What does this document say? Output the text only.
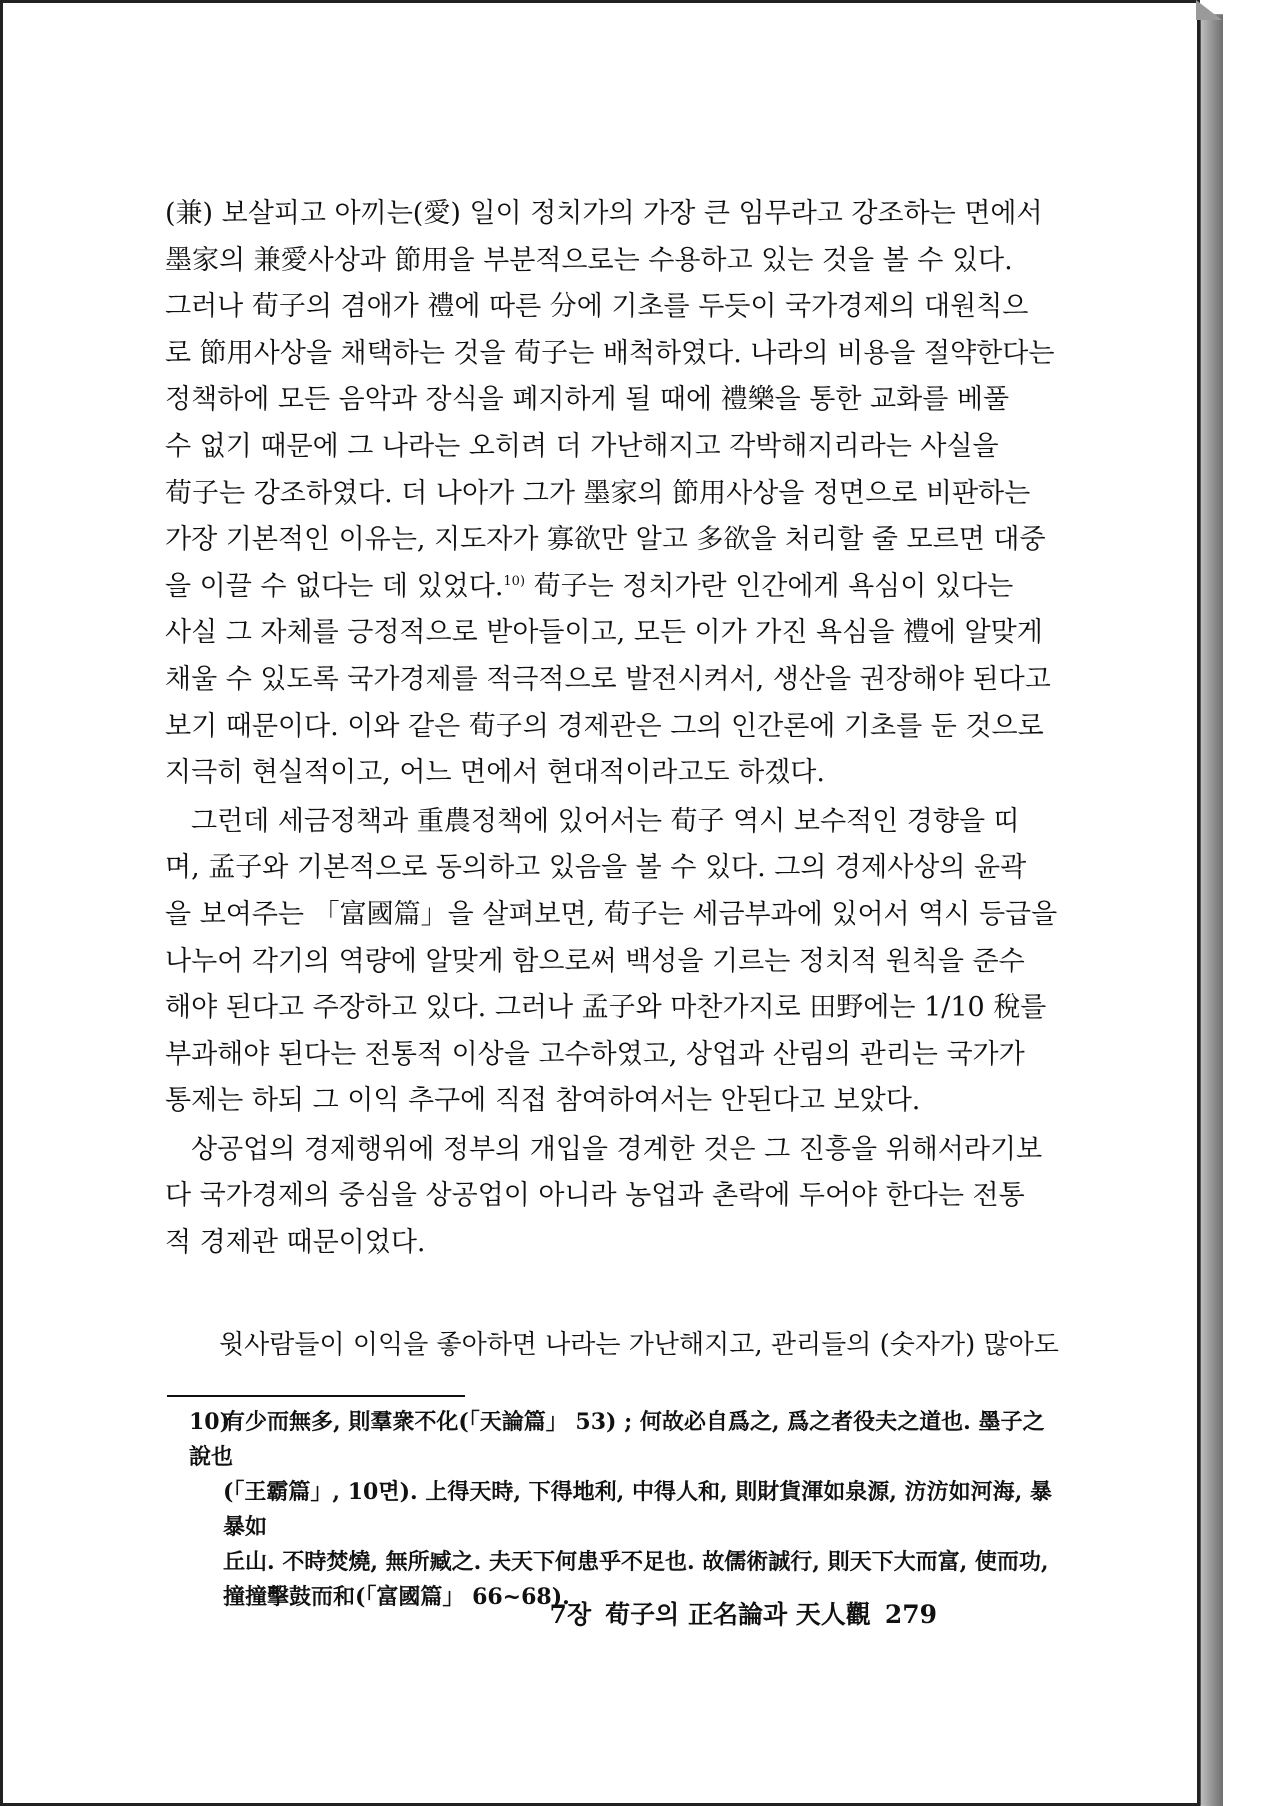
(兼) 보살피고 아끼는(愛) 일이 정치가의 가장 큰 임무라고 강조하는 면에서
墨家의 兼愛사상과 節用을 부분적으로는 수용하고 있는 것을 볼 수 있다.
그러나 荀子의 겸애가 禮에 따른 分에 기초를 두듯이 국가경제의 대원칙으
로 節用사상을 채택하는 것을 荀子는 배척하였다. 나라의 비용을 절약한다는
정책하에 모든 음악과 장식을 폐지하게 될 때에 禮樂을 통한 교화를 베풀
수 없기 때문에 그 나라는 오히려 더 가난해지고 각박해지리라는 사실을
荀子는 강조하였다. 더 나아가 그가 墨家의 節用사상을 정면으로 비판하는
가장 기본적인 이유는, 지도자가 寡欲만 알고 多欲을 처리할 줄 모르면 대중
을 이끌 수 없다는 데 있었다.$^{10)}$ 荀子는 정치가란 인간에게 욕심이 있다는
사실 그 자체를 긍정적으로 받아들이고, 모든 이가 가진 욕심을 禮에 알맞게
채울 수 있도록 국가경제를 적극적으로 발전시켜서, 생산을 권장해야 된다고
보기 때문이다. 이와 같은 荀子의 경제관은 그의 인간론에 기초를 둔 것으로
지극히 현실적이고, 어느 면에서 현대적이라고도 하겠다.

그런데 세금정책과 重農정책에 있어서는 荀子 역시 보수적인 경향을 띠
며, 孟子와 기본적으로 동의하고 있음을 볼 수 있다. 그의 경제사상의 윤곽
을 보여주는 「富國篇」을 살펴보면, 荀子는 세금부과에 있어서 역시 등급을
나누어 각기의 역량에 알맞게 함으로써 백성을 기르는 정치적 원칙을 준수
해야 된다고 주장하고 있다. 그러나 孟子와 마찬가지로 田野에는 1/10 稅를
부과해야 된다는 전통적 이상을 고수하였고, 상업과 산림의 관리는 국가가
통제는 하되 그 이익 추구에 직접 참여하여서는 안된다고 보았다.

상공업의 경제행위에 정부의 개입을 경계한 것은 그 진흥을 위해서라기보
다 국가경제의 중심을 상공업이 아니라 농업과 촌락에 두어야 한다는 전통
적 경제관 때문이었다.

윗사람들이 이익을 좋아하면 나라는 가난해지고, 관리들의 (숫자가) 많아도

10)有少而無多, 則羣衆不化(「天論篇」 53) ; 何故必自爲之, 爲之者役夫之道也. 墨子之說也
(「王霸篇」, 10면). 上得天時, 下得地利, 中得人和, 則財貨渾如泉源, 汸汸如河海, 暴暴如
丘山. 不時焚燒, 無所臧之. 夫天下何患乎不足也. 故儒術誠行, 則天下大而富, 使而功,
撞撞擊鼓而和(「富國篇」 66~68).

7장 荀子의 正名論과 天人觀 279
